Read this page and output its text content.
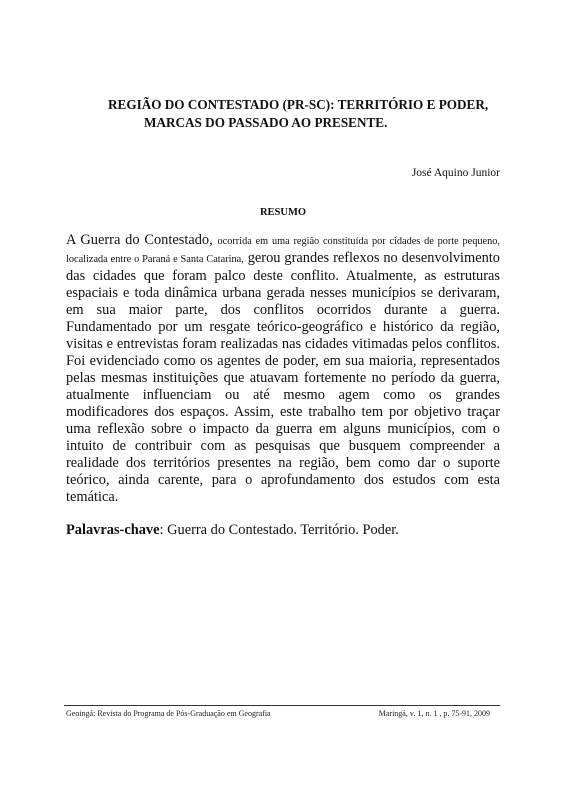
REGIÃO DO CONTESTADO (PR-SC): TERRITÓRIO E PODER,
MARCAS DO PASSADO AO PRESENTE.
José Aquino Junior
RESUMO

A Guerra do Contestado, ocorrida em uma região constituída por cidades de porte pequeno, localizada entre o Paraná e Santa Catarina, gerou grandes reflexos no desenvolvimento das cidades que foram palco deste conflito. Atualmente, as estruturas espaciais e toda dinâmica urbana gerada nesses municípios se derivaram, em sua maior parte, dos conflitos ocorridos durante a guerra. Fundamentado por um resgate teórico-geográfico e histórico da região, visitas e entrevistas foram realizadas nas cidades vitimadas pelos conflitos. Foi evidenciado como os agentes de poder, em sua maioria, representados pelas mesmas instituições que atuavam fortemente no período da guerra, atualmente influenciam ou até mesmo agem como os grandes modificadores dos espaços. Assim, este trabalho tem por objetivo traçar uma reflexão sobre o impacto da guerra em alguns municípios, com o intuito de contribuir com as pesquisas que busquem compreender a realidade dos territórios presentes na região, bem como dar o suporte teórico, ainda carente, para o aprofundamento dos estudos com esta temática.

Palavras-chave: Guerra do Contestado. Território. Poder.

Geoingá: Revista do Programa de Pós-Graduação em Geografia	Maringá, v. 1, n. 1 , p. 75-91, 2009
